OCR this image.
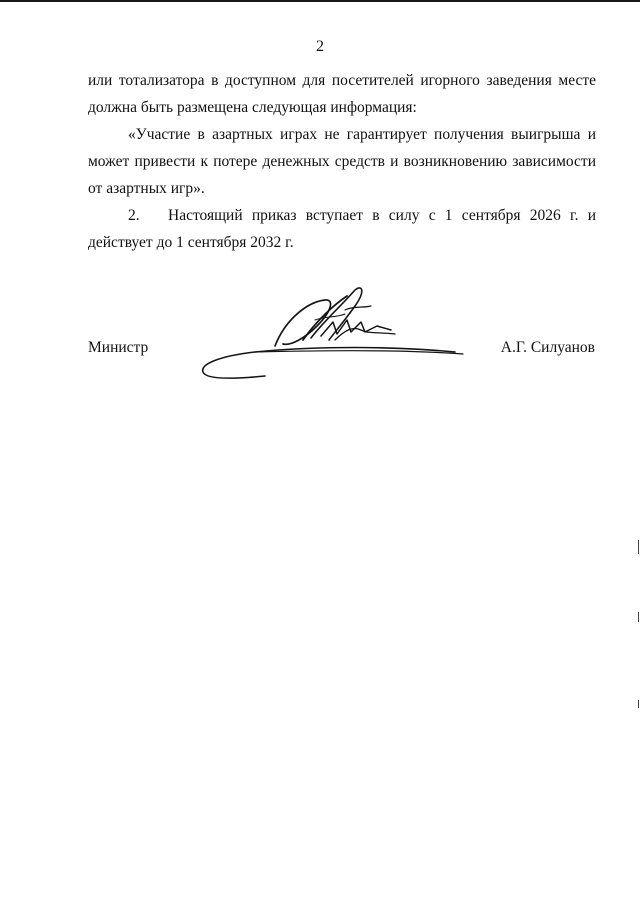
2

или тотализатора в доступном для посетителей игорного заведения месте должна быть размещена следующая информация:

«Участие в азартных играх не гарантирует получения выигрыша и может привести к потере денежных средств и возникновению зависимости от азартных игр».

2. Настоящий приказ вступает в силу с 1 сентября 2026 г. и действует до 1 сентября 2032 г.

Министр	А.Г. Силуанов
